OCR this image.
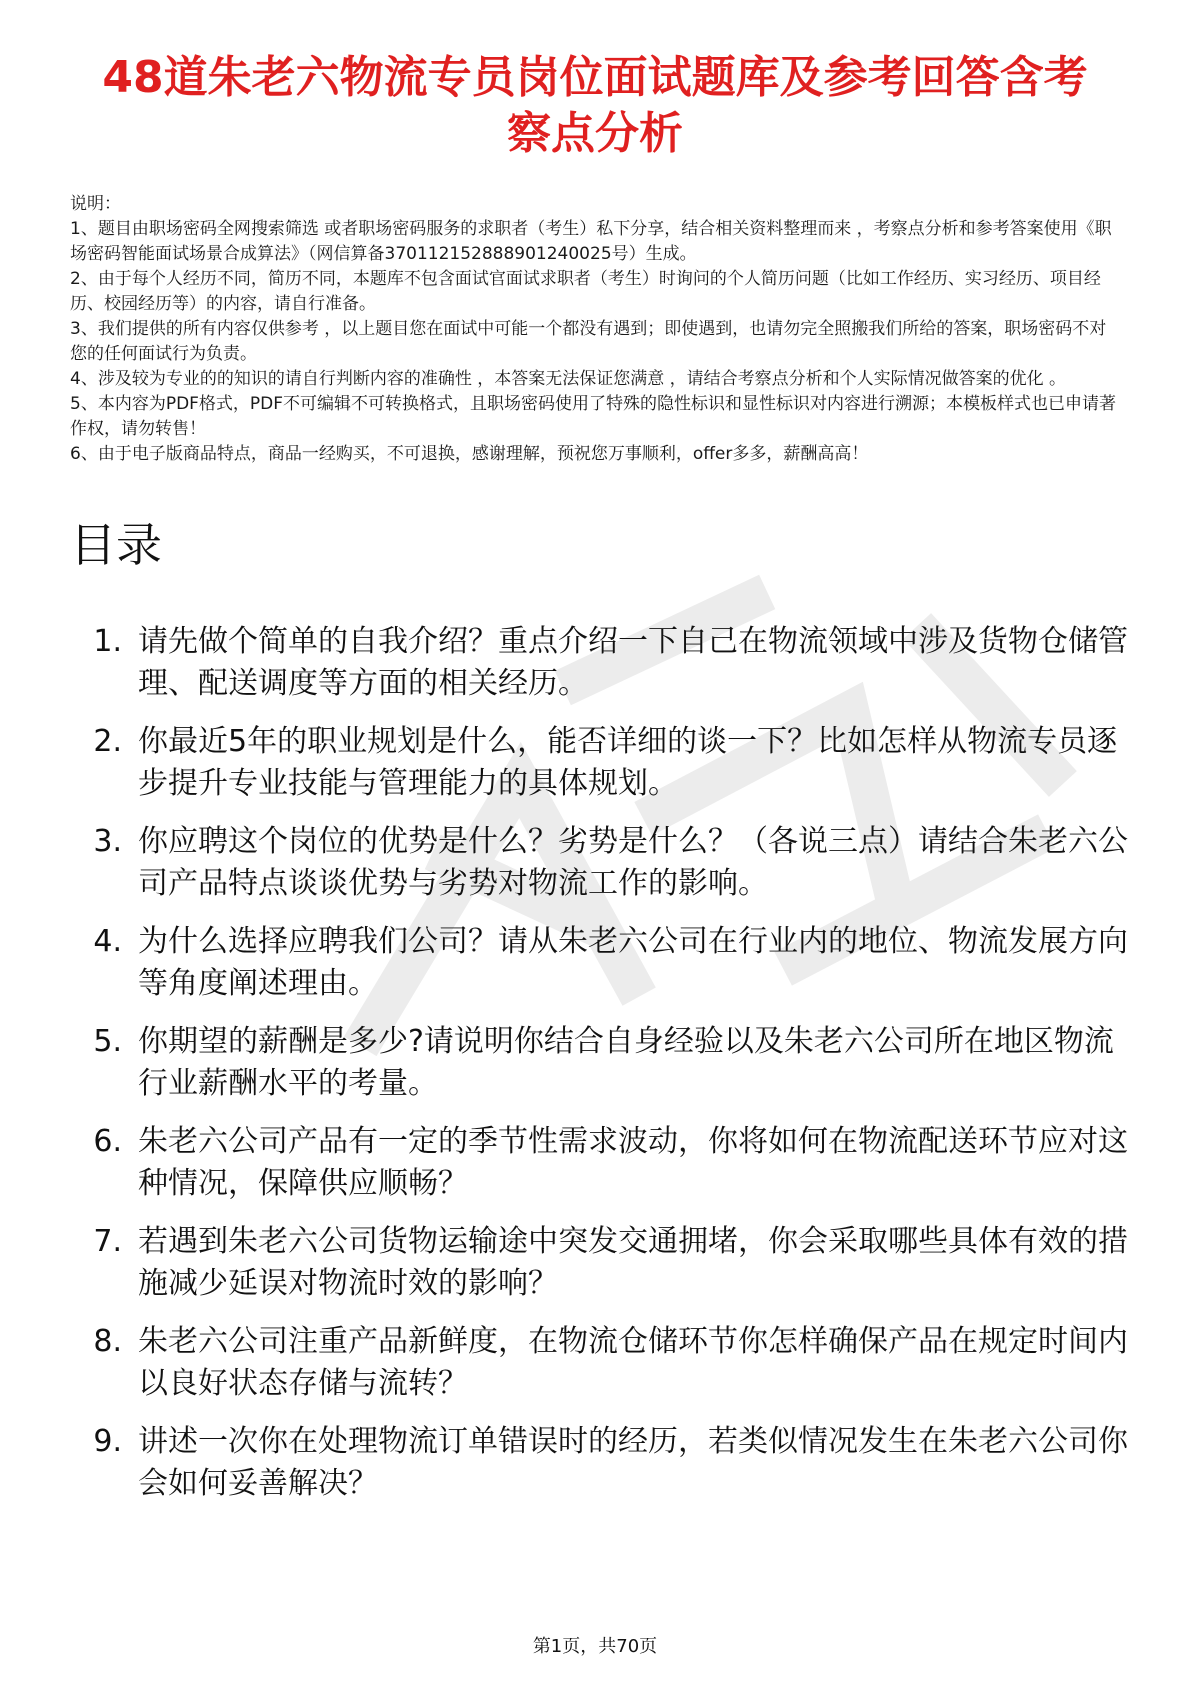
48道朱老六物流专员岗位面试题库及参考回答含考察点分析

说明：

1、题目由职场密码全网搜索筛选 或者职场密码服务的求职者（考生）私下分享，结合相关资料整理而来 ，考察点分析和参考答案使用《职场密码智能面试场景合成算法》（网信算备370112152888901240025号）生成。

2、由于每个人经历不同，简历不同，本题库不包含面试官面试求职者（考生）时询问的个人简历问题（比如工作经历、实习经历、项目经历、校园经历等）的内容，请自行准备。

3、我们提供的所有内容仅供参考 ，以上题目您在面试中可能一个都没有遇到；即使遇到，也请勿完全照搬我们所给的答案，职场密码不对您的任何面试行为负责。

4、涉及较为专业的的知识的请自行判断内容的准确性 ，本答案无法保证您满意 ，请结合考察点分析和个人实际情况做答案的优化 。

5、本内容为PDF格式，PDF不可编辑不可转换格式，且职场密码使用了特殊的隐性标识和显性标识对内容进行溯源；本模板样式也已申请著作权，请勿转售！

6、由于电子版商品特点，商品一经购买，不可退换，感谢理解，预祝您万事顺利，offer多多，薪酬高高！

目录
1. 请先做个简单的自我介绍？重点介绍一下自己在物流领域中涉及货物仓储管理、配送调度等方面的相关经历。
2. 你最近5年的职业规划是什么，能否详细的谈一下？比如怎样从物流专员逐步提升专业技能与管理能力的具体规划。
3. 你应聘这个岗位的优势是什么？劣势是什么？（各说三点）请结合朱老六公司产品特点谈谈优势与劣势对物流工作的影响。
4. 为什么选择应聘我们公司？请从朱老六公司在行业内的地位、物流发展方向等角度阐述理由。
5. 你期望的薪酬是多少?请说明你结合自身经验以及朱老六公司所在地区物流行业薪酬水平的考量。
6. 朱老六公司产品有一定的季节性需求波动，你将如何在物流配送环节应对这种情况，保障供应顺畅？
7. 若遇到朱老六公司货物运输途中突发交通拥堵，你会采取哪些具体有效的措施减少延误对物流时效的影响？
8. 朱老六公司注重产品新鲜度，在物流仓储环节你怎样确保产品在规定时间内以良好状态存储与流转？
9. 讲述一次你在处理物流订单错误时的经历，若类似情况发生在朱老六公司你会如何妥善解决？
第1页，共70页
